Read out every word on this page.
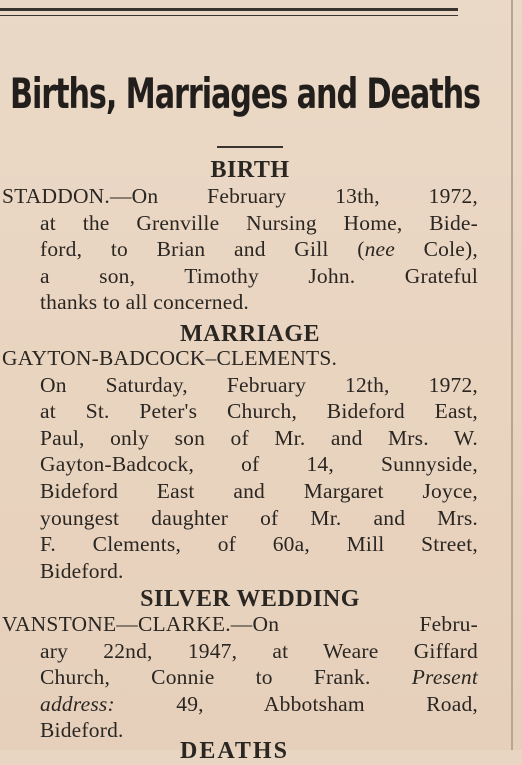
Births, Marriages and Deaths
BIRTH
STADDON.—On February 13th, 1972,
at the Grenville Nursing Home, Bide-
ford, to Brian and Gill (nee Cole),
a son, Timothy John. Grateful
thanks to all concerned.
MARRIAGE
GAYTON-BADCOCK–CLEMENTS.
On Saturday, February 12th, 1972,
at St. Peter's Church, Bideford East,
Paul, only son of Mr. and Mrs. W.
Gayton-Badcock, of 14, Sunnyside,
Bideford East and Margaret Joyce,
youngest daughter of Mr. and Mrs.
F. Clements, of 60a, Mill Street,
Bideford.
SILVER WEDDING
VANSTONE—CLARKE.—On Febru-
ary 22nd, 1947, at Weare Giffard
Church, Connie to Frank. Present
address: 49, Abbotsham Road,
Bideford.
DEATHS
